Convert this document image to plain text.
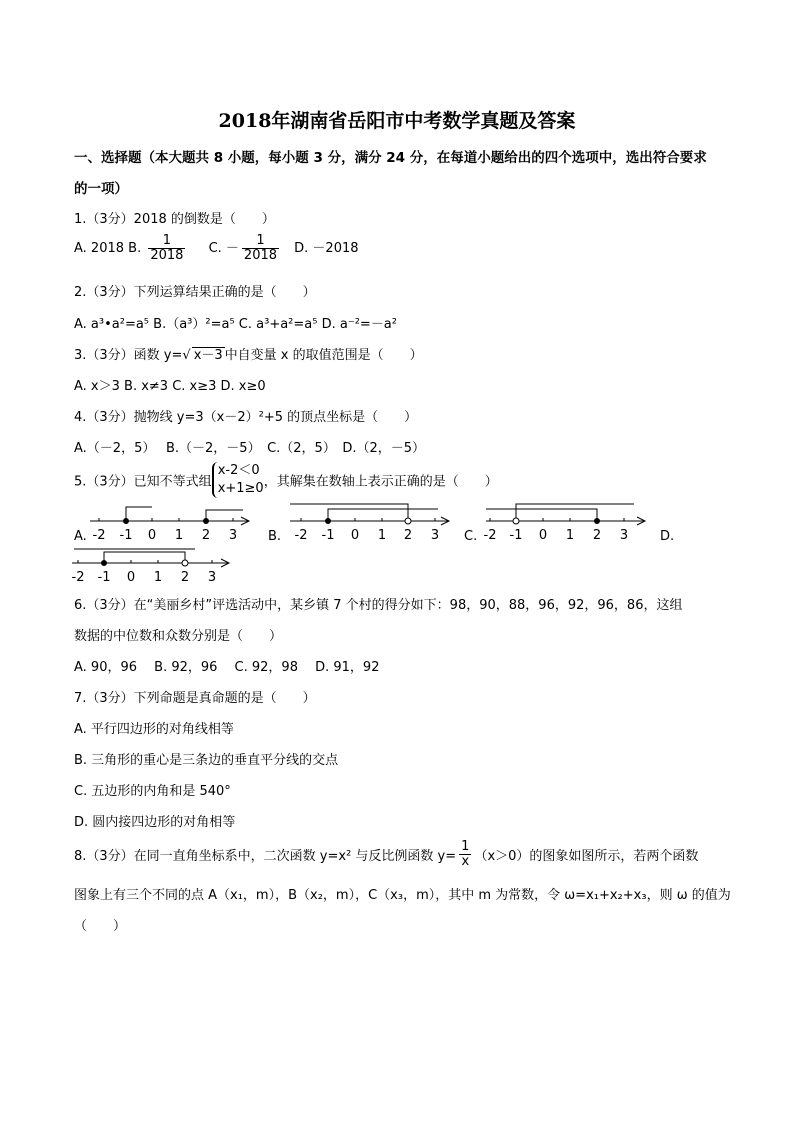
2018年湖南省岳阳市中考数学真题及答案
一、选择题（本大题共 8 小题，每小题 3 分，满分 24 分，在每道小题给出的四个选项中，选出符合要求
的一项）
1.（3分）2018 的倒数是（　　）
A. 2018 B. $\frac{1}{2018} C$. － $\frac{1}{2018} D$. －2018
2.（3分）下列运算结果正确的是（　　）
A. a³•a²=a⁵ B.（a³）²=a⁵ C. a³+a²=a⁵ D. a⁻²=－a²
3.（3分）函数 y=√ x－3 中自变量 x 的取值范围是（　　）
A. x＞3 B. x≠3 C. x≥3 D. x≥0
4.（3分）抛物线 y=3（x－2）²+5 的顶点坐标是（　　）
A.（－2，5）　 B.（－2，－5）　C.（2，5）　D.（2，－5）
5.（3分）已知不等式组
x-2＜0
x+1≥0 ，其解集在数轴上表示正确的是（　　）
A.	B.	C.	D.
-2 -1 0 1 2 3	-2 -1 0 1 2 3	-2 -1 0 1 2 3
-2 -1 0 1 2 3
6.（3分）在“美丽乡村”评选活动中，某乡镇 7 个村的得分如下：98，90，88，96，92，96，86，这组
数据的中位数和众数分别是（　　）
A. 90，96　 B. 92，96　 C. 92，98　 D. 91，92
7.（3分）下列命题是真命题的是（　　）
A. 平行四边形的对角线相等
B. 三角形的重心是三条边的垂直平分线的交点
C. 五边形的内角和是 540°
D. 圆内接四边形的对角相等
8.（3分）在同一直角坐标系中，二次函数 y=x² 与反比例函数 $y= \frac{1}{x} (x>0)$的图象如图所示，若两个函数
图象上有三个不同的点 A（x₁，m），B（x₂，m），C（x₃，m），其中 m 为常数，令 ω=x₁+x₂+x₃，则 ω 的值为
（　　）
